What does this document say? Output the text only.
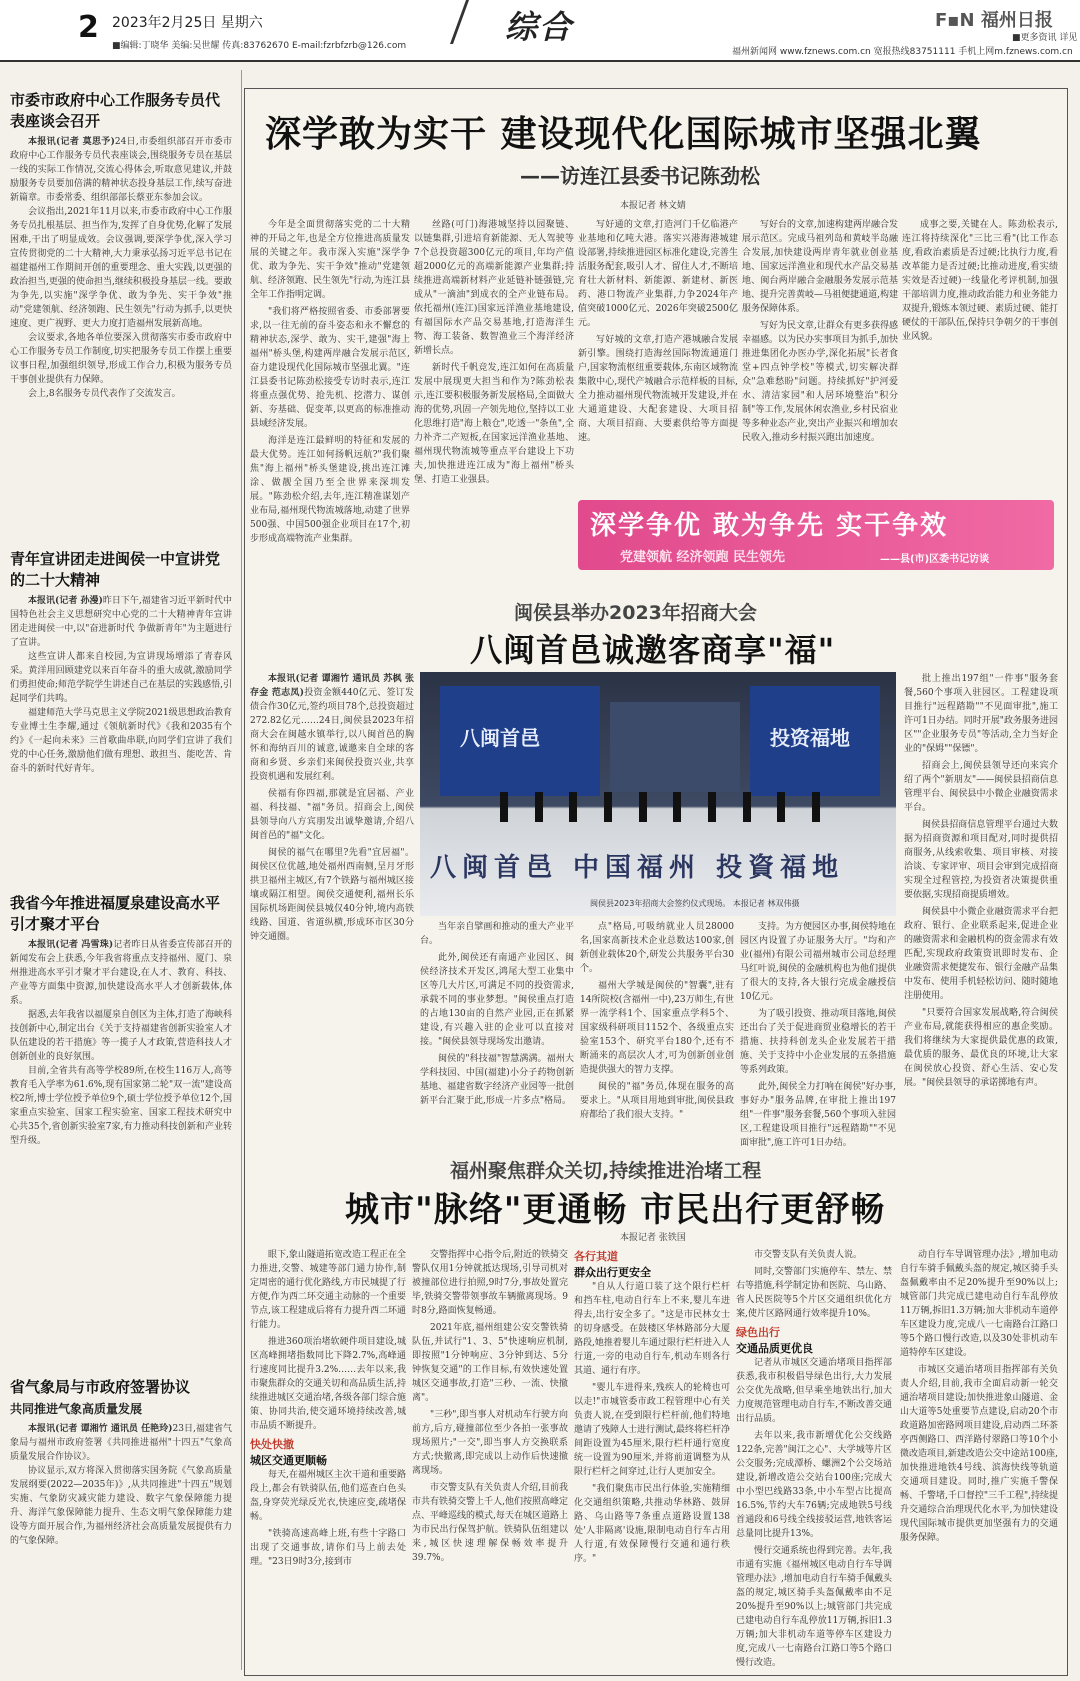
2 2023年2月25日 星期六
■编辑:丁晓华 美编:吴世耀 传真:83762670 E-mail:fzrbfzrb@126.com	综合	F▪N 福州日报
■更多资讯 详见
福州新闻网 www.fznews.com.cn 宽报热线83751111 手机上网m.fznews.com.cn
市委市政府中心工作服务专员代表座谈会召开

本报讯(记者 莫思予)24日,市委组织部召开市委市政府中心工作服务专员代表座谈会,围绕服务专员在基层一线的实际工作情况,交流心得体会,听取意见建议,并鼓励服务专员要加倍满的精神状态投身基层工作,续写奋进新篇章。市委常委、组织部部长蔡亚东参加会议。

会议指出,2021年11月以来,市委市政府中心工作服务专员扎根基层、担当作为,发挥了自身优势,化解了发展困难,干出了明显成效。会议强调,要深学争优,深入学习宣传贯彻党的二十大精神,大力秉承弘扬习近平总书记在福建福州工作期间开创的重要理念、重大实践,以更强的政治担当,更强的使命担当,继续积极投身基层一线。要敢为争先,以实施"深学争优、敢为争先、实干争效"推动"党建领航、经济领跑、民生领先"行动为抓手,以更快速度、更广视野、更大力度打造福州发展新高地。

会议要求,各地各单位要深入贯彻落实市委市政府中心工作服务专员工作制度,切实把服务专员工作摆上重要议事日程,加强组织领导,形成工作合力,积极为服务专员干事创业提供有力保障。

会上,8名服务专员代表作了交流发言。

青年宣讲团走进闽侯一中宣讲党的二十大精神

本报讯(记者 孙漫)昨日下午,福建省习近平新时代中国特色社会主义思想研究中心党的二十大精神青年宣讲团走进闽侯一中,以"奋进新时代 争做新青年"为主题进行了宣讲。

这些宣讲人都来自校园,为宣讲现场增添了青春风采。黄洋用回顾建党以来百年奋斗的重大成就,激励同学们勇担使命;师范学院学生讲述自己在基层的实践感悟,引起同学们共鸣。

福建师范大学马克思主义学院2021级思想政治教育专业博士生李耀,通过《领航新时代》《我和2035有个约》《一起向未来》三首歌曲串联,向同学们宣讲了我们党的中心任务,激励他们做有理想、敢担当、能吃苦、肯奋斗的新时代好青年。

我省今年推进福厦泉建设高水平引才聚才平台

本报讯(记者 冯雪珠)记者昨日从省委宣传部召开的新闻发布会上获悉,今年我省将重点支持福州、厦门、泉州推进高水平引才聚才平台建设,在人才、教育、科技、产业等方面集中资源,加快建设高水平人才创新载体,体系。

据悉,去年我省以福厦泉自创区为主体,打造了海峡科技创新中心,制定出台《关于支持福建省创新实验室人才队伍建设的若干措施》等一揽子人才政策,营造科技人才创新创业的良好氛围。

目前,全省共有高等学校89所,在校生116万人,高等教育毛入学率为61.6%,现有国家第二轮"双一流"建设高校2所,博士学位授予单位9个,硕士学位授予单位12个,国家重点实验室、国家工程实验室、国家工程技术研究中心共35个,省创新实验室7家,有力推动科技创新和产业转型升级。

省气象局与市政府签署协议
共同推进气象高质量发展

本报讯(记者 谭湘竹 通讯员 任艳玲)23日,福建省气象局与福州市政府签署《共同推进福州"十四五"气象高质量发展合作协议》。

协议显示,双方将深入贯彻落实国务院《气象高质量发展纲要(2022—2035年)》,从共同推进"十四五"规划实施、气象防灾减灾能力建设、数字气象保障能力提升、海洋气象保障能力提升、生态文明气象保障能力建设等方面开展合作,为福州经济社会高质量发展提供有力的气象保障。

深学敢为实干 建设现代化国际城市坚强北翼
——访连江县委书记陈劲松
本报记者 林文婧

今年是全面贯彻落实党的二十大精神的开局之年,也是全方位推进高质量发展的关键之年。我市深入实施"深学争优、敢为争先、实干争效"推动"党建领航、经济领跑、民生领先"行动,为连江县全年工作指明定调。

"我们将严格按照省委、市委部署要求,以一往无前的奋斗姿态和永不懈怠的精神状态,深学、敢为、实干,建强"海上福州"桥头堡,构建两岸融合发展示范区,奋力建设现代化国际城市坚强北翼。"连江县委书记陈劲松接受专访时表示,连江将重点强优势、抢先机、挖潜力、谋创新、夯基础、促变革,以更高的标准推动县域经济发展。

海洋是连江最鲜明的特征和发展的最大优势。连江如何扬帆远航?"我们聚焦"海上福州"桥头堡建设,挑出连江滩涂、做靓全国乃至全世界来深圳发展。"陈劲松介绍,去年,连江精准谋划产业布局,福州现代物流城落地,动建了世界500强、中国500强企业项目在17个,初步形成高端物流产业集群。

丝路(可门)海港城坚持以园聚链、以链集群,引进培育新能源、无人驾驶等7个总投资超300亿元的项目,年均产值超2000亿元的高端新能源产业集群;持续推进高端新材料产业延链补链强链,完成从"一滴油"到成衣的全产业链布局。依托福州(连江)国家远洋渔业基地建设,有福国际水产品交易基地,打造海洋生物、海工装备、数智渔业三个海洋经济新增长点。

新时代千帆竞发,连江如何在高质量发展中展现更大担当和作为?陈劲松表示,连江要积极服务新发展格局,全面做大海的优势,巩固一产领先地位,坚持以工业化思维打造"海上粮仓",吃透一"条鱼",全力补齐二产短板,在国家远洋渔业基地、福州现代物流城等重点平台建设上下功夫,加快推进连江成为"海上福州"桥头堡、打造工业强县。

写好通的文章,打造河门千亿临港产业基地和亿吨大港。落实兴港海港城建设部署,持续推进园区标准化建设,完善生活服务配套,吸引人才、留住人才,不断培育壮大新材料、新能源、新建材、新医药、港口物流产业集群,力争2024年产值突破1000亿元、2026年突破2500亿元。

写好城的文章,打造产港城融合发展新引擎。围绕打造海丝国际物流通道门户,国家物流枢纽重要载体,东南区域物流集散中心,现代产城融合示范样板的目标,全力推动福州现代物流城开发建设,并在大通道建设、大配套建设、大项目招商、大项目招商、大要素供给等方面提速。

写好台的文章,加速构建两岸融合发展示范区。完成马祖列岛和黄岐半岛融合发展,加快建设两岸青年就业创业基地、国家远洋渔业和现代水产品交易基地、闽台两岸融合金融服务发展示范基地、提升完善黄岐—马祖便捷通道,构建服务保障体系。

写好为民文章,让群众有更多获得感幸福感。以为民办实事项目为抓手,加快推进集团化办医办学,深化拓展"长者食堂+四点钟学校"等模式,切实解决群众"急难愁盼"问题。持续抓好"护河爱水、清洁家园"和人居环境整治"积分制"等工作,发展休闲农渔业,乡村民宿业等多种业态产业,突出产业振兴和增加农民收入,推动乡村振兴跑出加速度。

成事之要,关键在人。陈劲松表示,连江将持续深化"三比三看"(比工作态度,看政治素质是否过硬;比执行力度,看改革能力是否过硬;比推动进度,看实绩实效是否过硬)一线量化考评机制,加强干部培训力度,推动政治能力和业务能力双提升,锻炼本领过硬、素质过硬、能打硬仗的干部队伍,保持只争朝夕的干事创业风貌。

深学争优 敢为争先 实干争效
党建领航 经济领跑 民生领先	——县(市)区委书记访谈
闽侯县举办2023年招商大会
八闽首邑诚邀客商享"福"

本报讯(记者 谭湘竹 通讯员 苏枫 张存金 范志凤)投资金额440亿元、签订发债合作30亿元,签约项目78个,总投资超过272.82亿元……24日,闽侯县2023年招商大会在闽越水镇举行,以八闽首邑的胸怀和海纳百川的诚意,诚邀来自全球的客商和乡贤、乡亲们来闽侯投资兴业,共享投资机遇和发展红利。

侯福有你四福,那就是宜居福、产业福、科技福、"福"务员。招商会上,闽侯县领导向八方宾朋发出诚挚邀请,介绍八闽首邑的"福"文化。

闽侯的福气在哪里?先看"宜居福"。闽侯区位优越,地处福州西南侧,呈月牙形拱卫福州主城区,有7个铁路与福州城区接壤或隔江相望。闽侯交通便利,福州长乐国际机场距闽侯县城仅40分钟,境内高铁线路、国道、省道纵横,形成环市区30分钟交通圈。

八闽首邑	投资福地
八闽首邑 中国福州 投資福地
闽侯县2023年招商大会签约仪式现场。 本报记者 林双伟摄

当年亲自擘画和推动的重大产业平台。

此外,闽侯还有南通产业园区、闽侯经济技术开发区,鸿尾大型工业集中区等几大片区,可满足不同的投资需求,承载不同的事业梦想。"闽侯重点打造的占地130亩的自然产业园,正在抓紧建设,有兴趣入驻的企业可以直接对接。"闽侯县领导现场发出邀请。

闽侯的"科技福"智慧满满。福州大学科技园、中国(福建)小分子药物创新基地、福建省数字经济产业园等一批创新平台汇聚于此,形成一片多点"格局。

点"格局,可吸纳就业人员28000名,国家高新技术企业总数达100家,创新创业载体20个,研发公共服务平台30个。

福州大学城是闽侯的"智囊",驻有14所院校(含福州一中),23万师生,有世界一流学科1个、国家重点学科5个、国家级科研项目1152个、各级重点实验室153个、研究平台180个,还有不断涌来的高层次人才,可为创新创业创造提供强大的智力支撑。

闽侯的"福"务员,体现在服务的高要求上。"从项目用地到审批,闽侯县政府都给了我们很大支持。"

支持。为方便园区办事,闽侯特地在园区内设置了办证服务大厅。"均和产业(福州)有限公司福州城市公司总经理马红叶说,闽侯的金融机构也为他们提供了很大的支持,各大银行完成金融授信10亿元。

为了吸引投资、推动项目落地,闽侯还出台了关于促进商贸业稳增长的若干措施、扶持科创龙头企业发展若干措施、关于支持中小企业发展的五条措施等系列政策。

此外,闽侯全力打响在闽侯"好办事,事好办"服务品牌,在审批上推出197组"一件事"服务套餐,560个事项入驻园区,工程建设项目推行"远程踏勘""不见面审批",施工许可1日办结。

批上推出197组"一件事"服务套餐,560个事项入驻园区。工程建设项目推行"远程踏勘""不见面审批",施工许可1日办结。同时开展"政务服务进园区""企业服务专员"等活动,全力当好企业的"保姆""保镖"。

招商会上,闽侯县领导还向来宾介绍了两个"新朋友"——闽侯县招商信息管理平台、闽侯县中小微企业融资需求平台。

闽侯县招商信息管理平台通过大数据为招商资源和项目配对,同时提供招商服务,从线索收集、项目审核、对接洽谈、专家评审、项目会审到完成招商实现全过程管控,为投资者决策提供重要依据,实现招商提质增效。

闽侯县中小微企业融资需求平台把政府、银行、企业联系起来,促进企业的融资需求和金融机构的资金需求有效匹配,实现政府政策资讯即时发布、企业融资需求便捷发布、银行金融产品集中发布、使用手机轻松访问、随时随地注册使用。

"只要符合国家发展战略,符合闽侯产业布局,就能获得相应的惠企奖励。我们将继续为大家提供最优惠的政策,最优质的服务、最优良的环境,让大家在闽侯放心投资、舒心生活、安心发展。"闽侯县领导的承诺掷地有声。

福州聚焦群众关切,持续推进治堵工程
城市"脉络"更通畅 市民出行更舒畅
本报记者 张铁国

眼下,象山隧道拓宽改造工程正在全力推进,交警、城建等部门通力协作,制定周密的通行优化路线,方市民城提了行方便,作为西二环交通主动脉的一个重要节点,该工程建成后将有力提升西二环通行能力。

推进360项治堵软硬件项目建设,城区高峰拥堵指数同比下降2.7%,高峰通行速度同比提升3.2%……去年以来,我市聚焦群众的交通关切和高品质生活,持续推进城区交通治堵,各级各部门综合施策、协同共治,使交通环境持续改善,城市品质不断提升。

快处快撤
城区交通更顺畅

每天,在福州城区主次干道和重要路段上,都会有铁骑队伍,他们巡查白色头盔,身穿荧光绿反光衣,快速应变,疏堵保畅。

"铁骑高速高峰上班,有些十字路口出现了交通事故,请你们马上前去处理。"23日9时3分,接到市

交警指挥中心指令后,附近的铁骑交警队仅用1分钟就抵达现场,引导司机对被撞部位进行拍照,9时7分,事故处置完毕,铁骑交警带领事故车辆撤离现场。9时8分,路面恢复畅通。

2021年底,福州组建公安交警铁骑队伍,并试行"1、3、5"快速响应机制,即按照"1分钟响应、3分钟到达、5分钟恢复交通"的工作目标,有效快速处置城区交通事故,打造"三秒、一流、快撤离"。

"三秒",即当事人对机动车行驶方向前方,后方,碰撞部位至少各拍一张事故现场照片;"一交",即当事人方交换联系方式;快撤离,即完成以上动作后快速撤离现场。

市交警支队有关负责人介绍,目前我市共有铁骑交警上千人,他们按照高峰定点、平峰巡线的模式,每天在城区道路上为市民出行保驾护航。铁骑队伍组建以来,城区快速理解保畅效率提升39.7%。

各行其道
群众出行更安全

"自从人行道口装了这个限行栏杆和挡车柱,电动自行车上不来,婴儿车进得去,出行安全多了。"这是市民林女士的切身感受。在鼓楼区华林路部分大厦路段,她推着婴儿车通过限行栏杆进入人行道,一旁的电动自行车,机动车则各行其道、通行有序。

"婴儿车进得来,残疾人的轮椅也可以走!"市城管委市政工程管理中心有关负责人说,在受到限行栏杆前,他们特地邀请了残障人士进行测试,最终将栏杆净间距设置为45厘米,限行栏杆通行宽度统一设置为90厘米,并将前道调整为从限行栏杆之间穿过,让行人更加安全。

"我们聚焦市民出行体验,实施精细化交通组织策略,共推动华林路、鼓屏路、乌山路等7条重点道路设置138处'人非隔离'设施,限制电动自行车占用人行道,有效保障慢行交通和通行秩序。"

市交警支队有关负责人说。

同时,交警部门实施停车、禁左、禁右等措施,科学制定协和医院、乌山路、省人民医院等5个片区交通组织优化方案,使片区路网通行效率提升10%。

绿色出行
交通品质更优良

记者从市城区交通治堵项目指挥部获悉,我市积极倡导绿色出行,大力发展公交优先战略,但早乘坐地铁出行,加大力度规范管理电动自行车,不断改善交通出行品质。

去年以来,我市新增优化公交线路122条,完善"闽江之心"、大学城等片区公交服务;完成潭桥、螺洲2个公交场站建设,新增改造公交站台100座;完成大中小型巴线路33条,中小车型占比提高16.5%,节约大车76辆;完成地铁5号线首通段和6号线全线接驳运营,地铁客运总量同比提升13%。

慢行交通系统也得到完善。去年,我市通有实施《福州城区电动自行车导调管理办法》,增加电动自行车骑手佩戴头盔的规定,城区骑手头盔佩戴率由不足20%提升至90%以上;城管部门共完成已建电动自行车乱停放11万辆,拆旧1.3万辆;加大非机动车道等停车区建设力度,完成八一七南路台江路口等5个路口慢行改造。

动自行车导调管理办法》,增加电动自行车骑手佩戴头盔的规定,城区骑手头盔佩戴率由不足20%提升至90%以上;城管部门共完成已建电动自行车乱停放11万辆,拆旧1.3万辆;加大非机动车道停车区建设力度,完成八一七南路台江路口等5个路口慢行改造,以及30处非机动车道特停车区建设。

市城区交通治堵项目指挥部有关负责人介绍,目前,我市全面启动新一轮交通治堵项目建设;加快推进象山隧道、金山大道等5处重要节点建设,启动20个市政道路加密路网项目建设,启动西二环茶亭西侧路口、西洋路付翠路口等10个小微改造项目,新建改造公交中途站100座,加快推进地铁4号线、滨海快线等轨道交通项目建设。同时,推广实施千警保畅、千警堵,千口督控"三千工程",持续提升交通综合治理现代化水平,为加快建设现代国际城市提供更加坚强有力的交通服务保障。
